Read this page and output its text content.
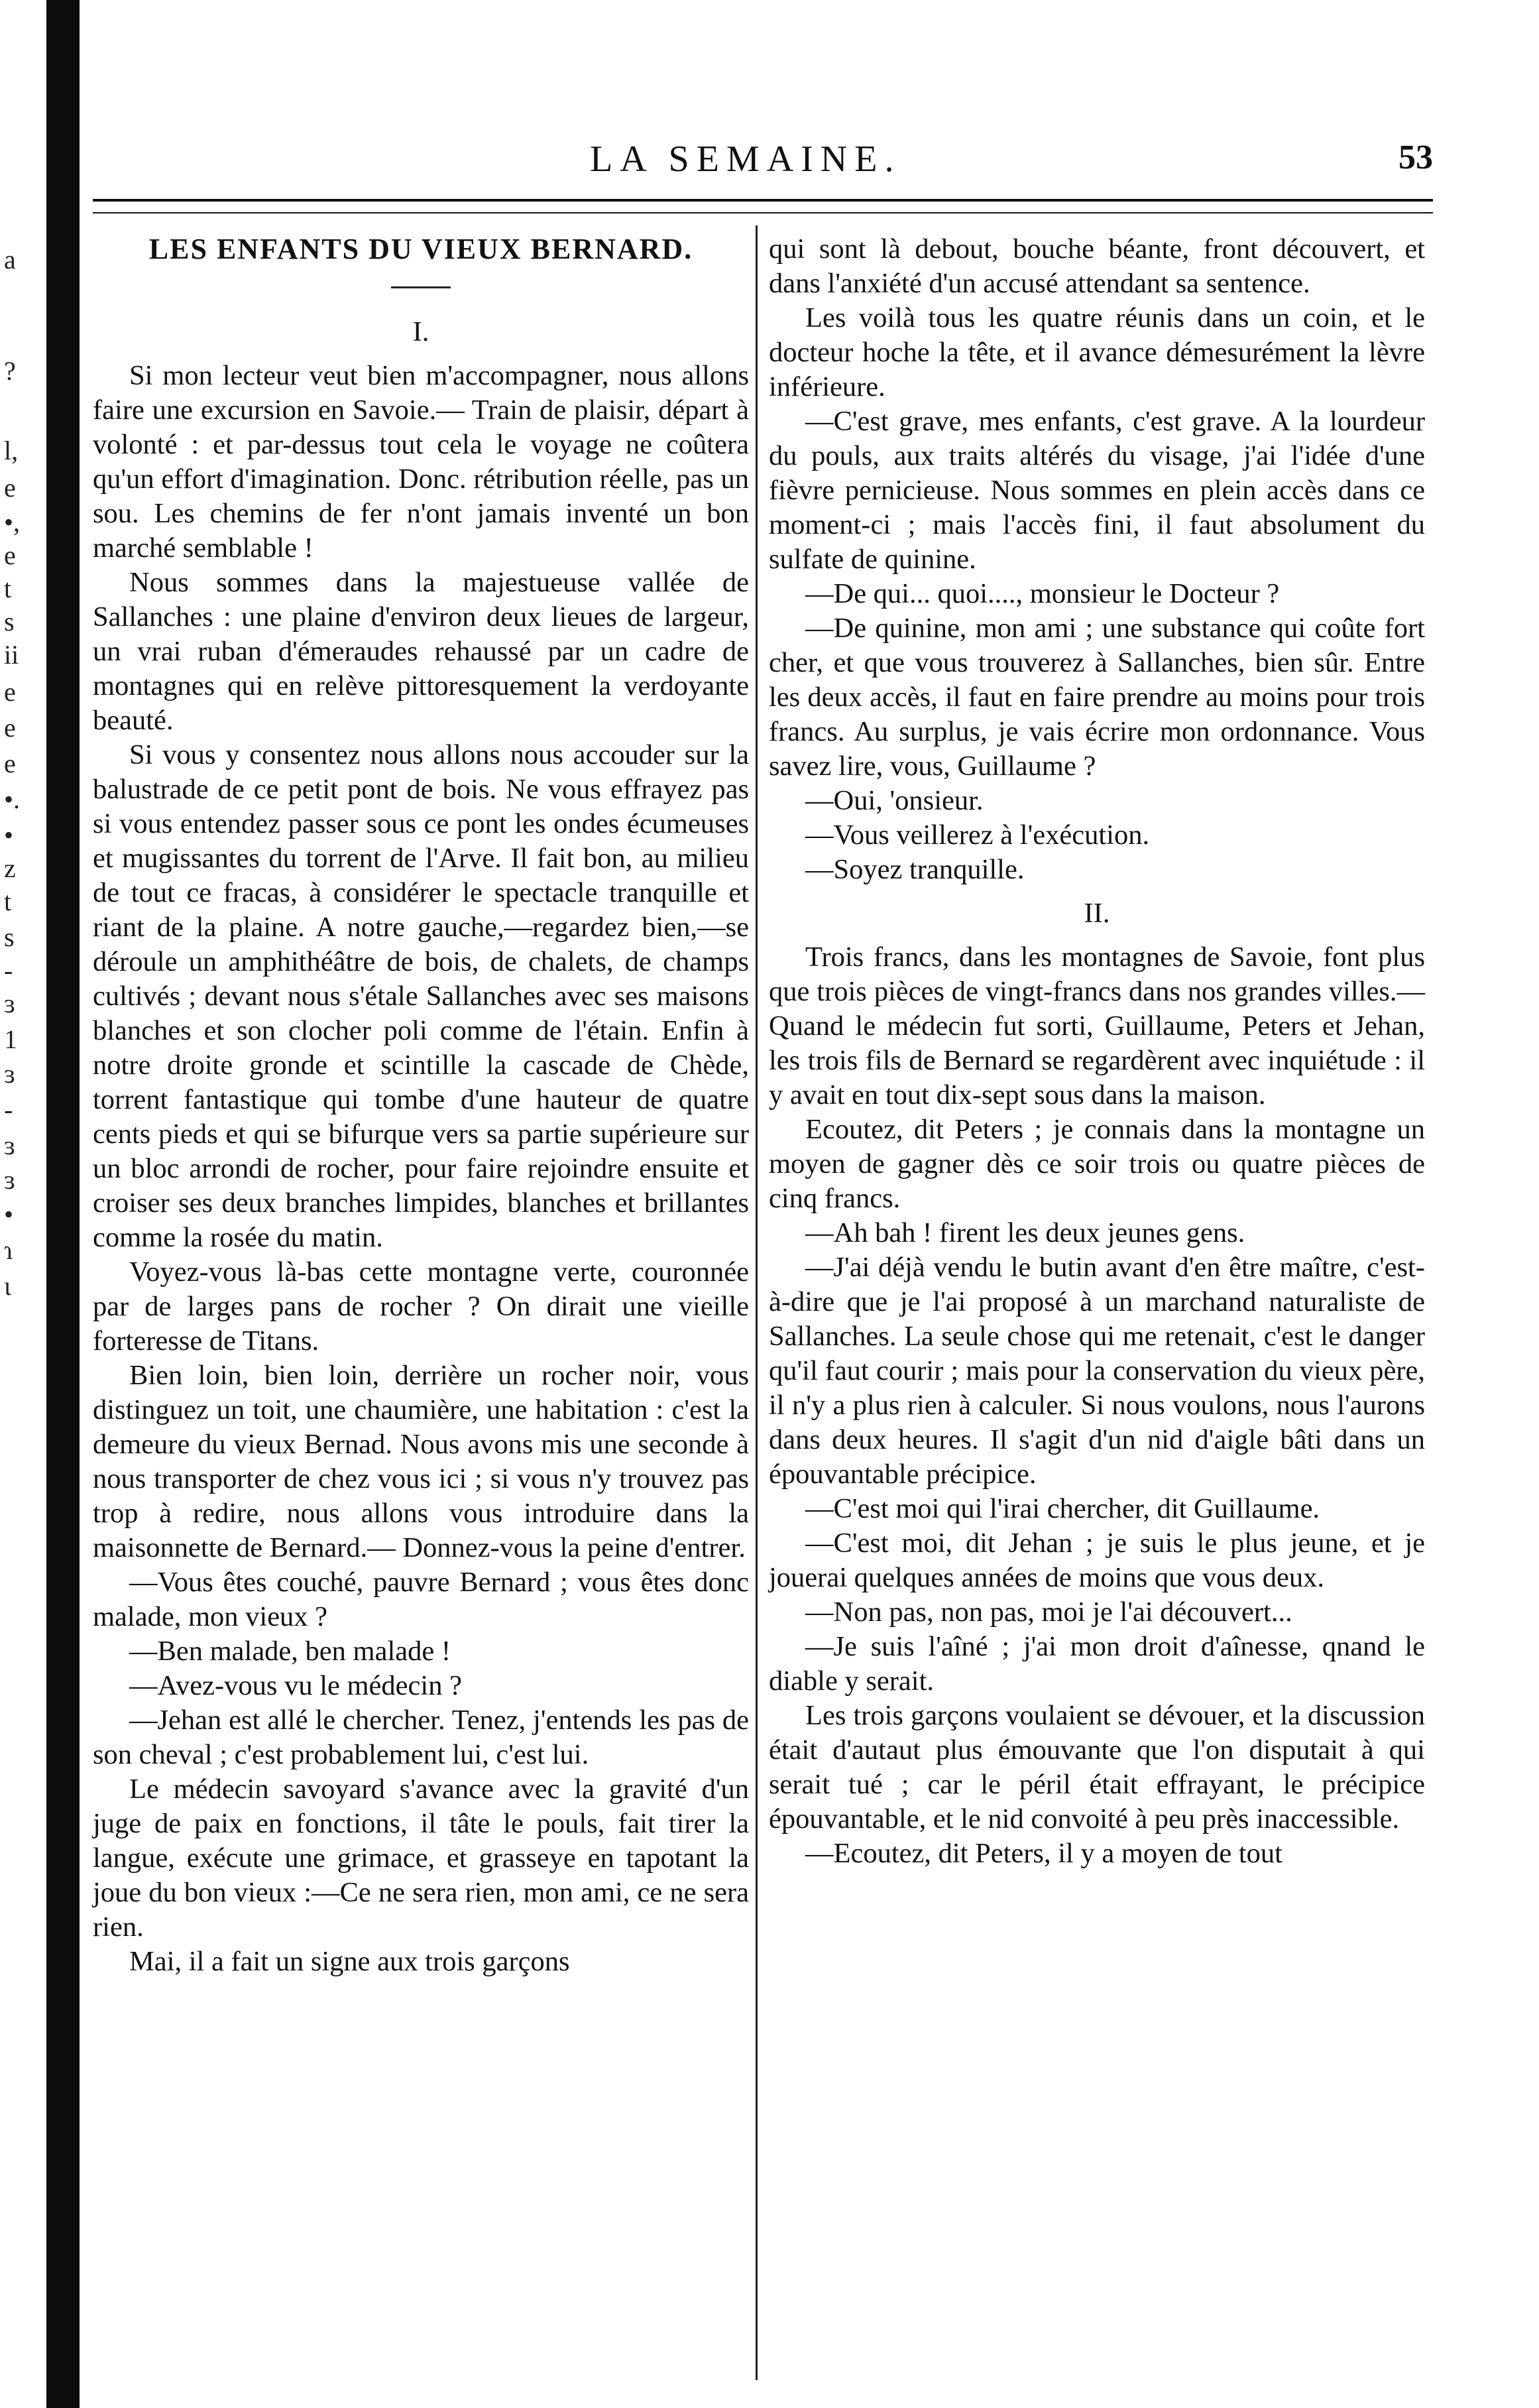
a
?
l,
e
•,
e
t
s
ii
e
e
e
•.
•
z
t
s
-
ɜ
1
ɜ
-
ɜ
ɜ
•
ɿ
ι
LA SEMAINE.	53
LES ENFANTS DU VIEUX BERNARD.
I.

Si mon lecteur veut bien m'accompagner, nous allons faire une excursion en Savoie.— Train de plaisir, départ à volonté : et par-dessus tout cela le voyage ne coûtera qu'un effort d'imagination. Donc. rétribution réelle, pas un sou. Les chemins de fer n'ont jamais inventé un bon marché semblable !

Nous sommes dans la majestueuse vallée de Sallanches : une plaine d'environ deux lieues de largeur, un vrai ruban d'émeraudes rehaussé par un cadre de montagnes qui en relève pittoresquement la verdoyante beauté.

Si vous y consentez nous allons nous accouder sur la balustrade de ce petit pont de bois. Ne vous effrayez pas si vous entendez passer sous ce pont les ondes écumeuses et mugissantes du torrent de l'Arve. Il fait bon, au milieu de tout ce fracas, à considérer le spectacle tranquille et riant de la plaine. A notre gauche,—regardez bien,—se déroule un amphithéâtre de bois, de chalets, de champs cultivés ; devant nous s'étale Sallanches avec ses maisons blanches et son clocher poli comme de l'étain. Enfin à notre droite gronde et scintille la cascade de Chède, torrent fantastique qui tombe d'une hauteur de quatre cents pieds et qui se bifurque vers sa partie supérieure sur un bloc arrondi de rocher, pour faire rejoindre ensuite et croiser ses deux branches limpides, blanches et brillantes comme la rosée du matin.

Voyez-vous là-bas cette montagne verte, couronnée par de larges pans de rocher ? On dirait une vieille forteresse de Titans.

Bien loin, bien loin, derrière un rocher noir, vous distinguez un toit, une chaumière, une habitation : c'est la demeure du vieux Bernad. Nous avons mis une seconde à nous transporter de chez vous ici ; si vous n'y trouvez pas trop à redire, nous allons vous introduire dans la maisonnette de Bernard.— Donnez-vous la peine d'entrer.

—Vous êtes couché, pauvre Bernard ; vous êtes donc malade, mon vieux ?

—Ben malade, ben malade !

—Avez-vous vu le médecin ?

—Jehan est allé le chercher. Tenez, j'entends les pas de son cheval ; c'est probablement lui, c'est lui.

Le médecin savoyard s'avance avec la gravité d'un juge de paix en fonctions, il tâte le pouls, fait tirer la langue, exécute une grimace, et grasseye en tapotant la joue du bon vieux :—Ce ne sera rien, mon ami, ce ne sera rien.

Mai, il a fait un signe aux trois garçons

qui sont là debout, bouche béante, front découvert, et dans l'anxiété d'un accusé attendant sa sentence.

Les voilà tous les quatre réunis dans un coin, et le docteur hoche la tête, et il avance démesurément la lèvre inférieure.

—C'est grave, mes enfants, c'est grave. A la lourdeur du pouls, aux traits altérés du visage, j'ai l'idée d'une fièvre pernicieuse. Nous sommes en plein accès dans ce moment-ci ; mais l'accès fini, il faut absolument du sulfate de quinine.

—De qui... quoi...., monsieur le Docteur ?

—De quinine, mon ami ; une substance qui coûte fort cher, et que vous trouverez à Sallanches, bien sûr. Entre les deux accès, il faut en faire prendre au moins pour trois francs. Au surplus, je vais écrire mon ordonnance. Vous savez lire, vous, Guillaume ?

—Oui, 'onsieur.

—Vous veillerez à l'exécution.

—Soyez tranquille.

II.

Trois francs, dans les montagnes de Savoie, font plus que trois pièces de vingt-francs dans nos grandes villes.—Quand le médecin fut sorti, Guillaume, Peters et Jehan, les trois fils de Bernard se regardèrent avec inquiétude : il y avait en tout dix-sept sous dans la maison.

Ecoutez, dit Peters ; je connais dans la montagne un moyen de gagner dès ce soir trois ou quatre pièces de cinq francs.

—Ah bah ! firent les deux jeunes gens.

—J'ai déjà vendu le butin avant d'en être maître, c'est-à-dire que je l'ai proposé à un marchand naturaliste de Sallanches. La seule chose qui me retenait, c'est le danger qu'il faut courir ; mais pour la conservation du vieux père, il n'y a plus rien à calculer. Si nous voulons, nous l'aurons dans deux heures. Il s'agit d'un nid d'aigle bâti dans un épouvantable précipice.

—C'est moi qui l'irai chercher, dit Guillaume.

—C'est moi, dit Jehan ; je suis le plus jeune, et je jouerai quelques années de moins que vous deux.

—Non pas, non pas, moi je l'ai découvert...

—Je suis l'aîné ; j'ai mon droit d'aînesse, qnand le diable y serait.

Les trois garçons voulaient se dévouer, et la discussion était d'autaut plus émouvante que l'on disputait à qui serait tué ; car le péril était effrayant, le précipice épouvantable, et le nid convoité à peu près inaccessible.

—Ecoutez, dit Peters, il y a moyen de tout
